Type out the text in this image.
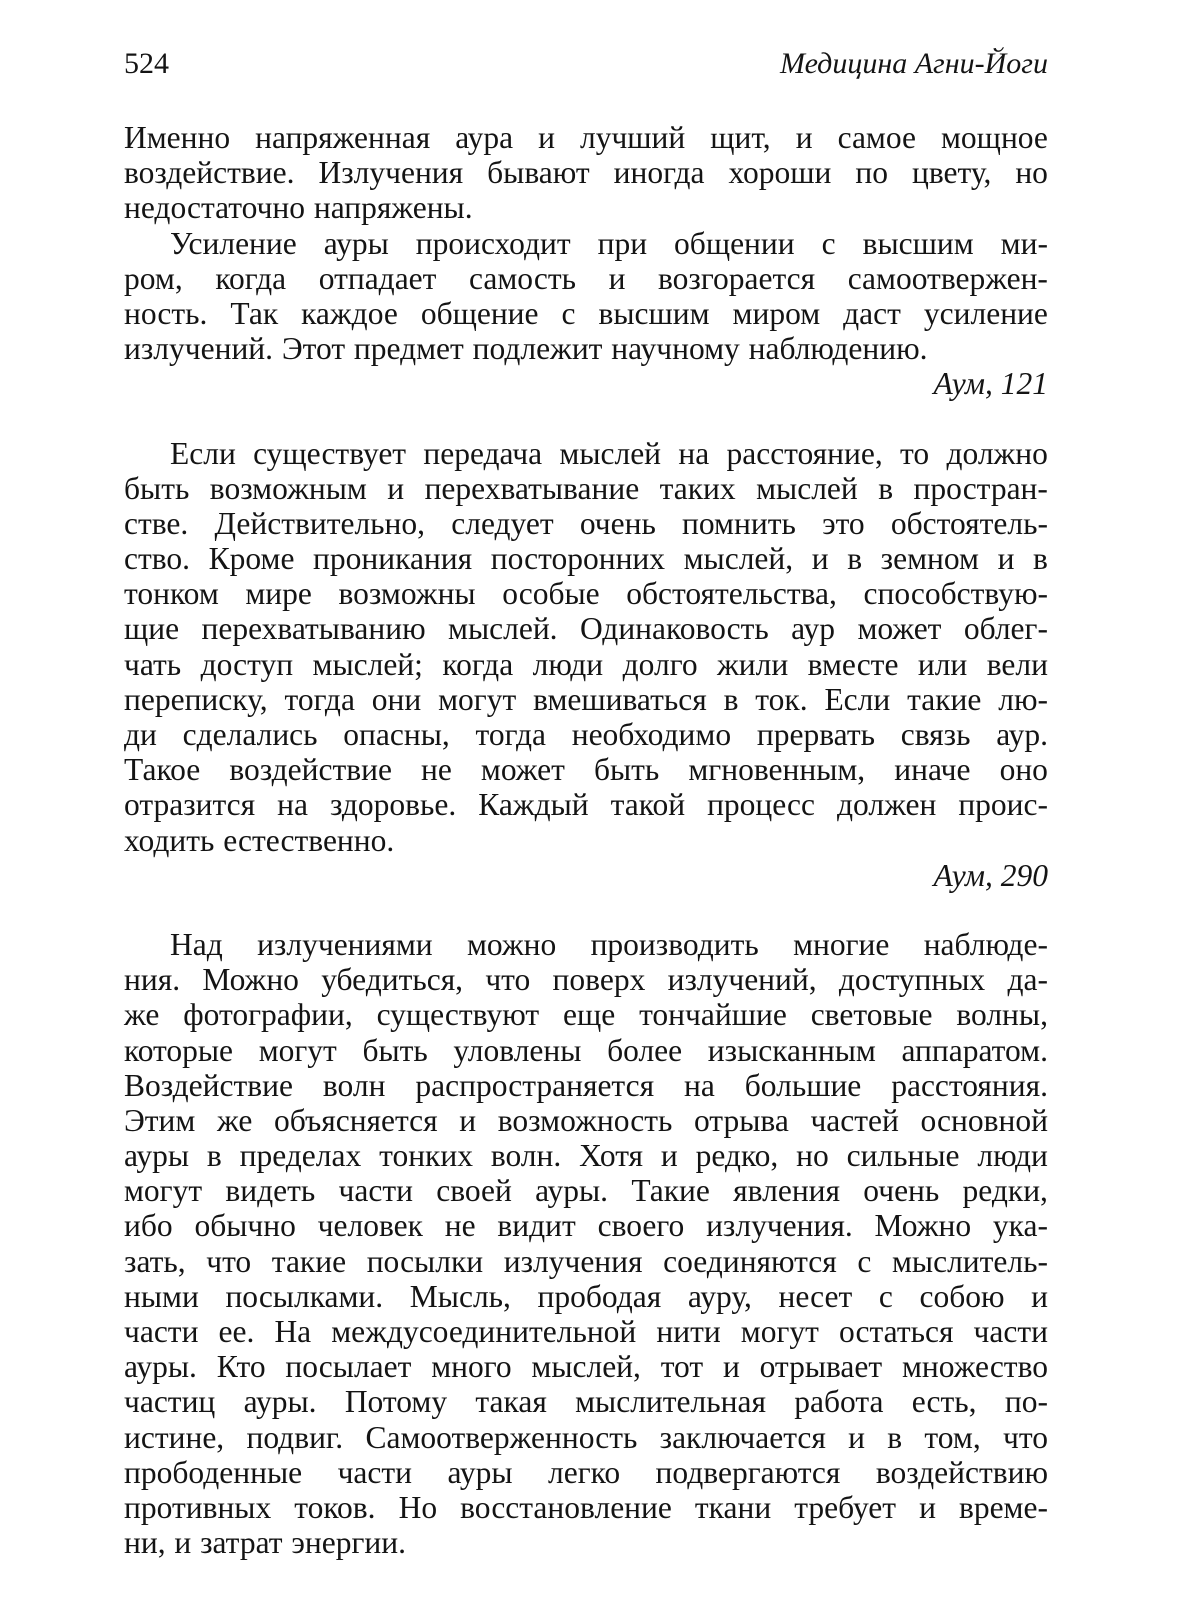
524	Медицина Агни-Йоги
Именно напряженная аура и лучший щит, и самое мощное
воздействие. Излучения бывают иногда хороши по цвету, но
недостаточно напряжены.
Усиление ауры происходит при общении с высшим ми-
ром, когда отпадает самость и возгорается самоотвержен-
ность. Так каждое общение с высшим миром даст усиление
излучений. Этот предмет подлежит научному наблюдению.
Аум, 121
Если существует передача мыслей на расстояние, то должно
быть возможным и перехватывание таких мыслей в простран-
стве. Действительно, следует очень помнить это обстоятель-
ство. Кроме проникания посторонних мыслей, и в земном и в
тонком мире возможны особые обстоятельства, способствую-
щие перехватыванию мыслей. Одинаковость аур может облег-
чать доступ мыслей; когда люди долго жили вместе или вели
переписку, тогда они могут вмешиваться в ток. Если такие лю-
ди сделались опасны, тогда необходимо прервать связь аур.
Такое воздействие не может быть мгновенным, иначе оно
отразится на здоровье. Каждый такой процесс должен проис-
ходить естественно.
Аум, 290
Над излучениями можно производить многие наблюде-
ния. Можно убедиться, что поверх излучений, доступных да-
же фотографии, существуют еще тончайшие световые волны,
которые могут быть уловлены более изысканным аппаратом.
Воздействие волн распространяется на большие расстояния.
Этим же объясняется и возможность отрыва частей основной
ауры в пределах тонких волн. Хотя и редко, но сильные люди
могут видеть части своей ауры. Такие явления очень редки,
ибо обычно человек не видит своего излучения. Можно ука-
зать, что такие посылки излучения соединяются с мыслитель-
ными посылками. Мысль, прободая ауру, несет с собою и
части ее. На междусоединительной нити могут остаться части
ауры. Кто посылает много мыслей, тот и отрывает множество
частиц ауры. Потому такая мыслительная работа есть, по-
истине, подвиг. Самоотверженность заключается и в том, что
прободенные части ауры легко подвергаются воздействию
противных токов. Но восстановление ткани требует и време-
ни, и затрат энергии.
